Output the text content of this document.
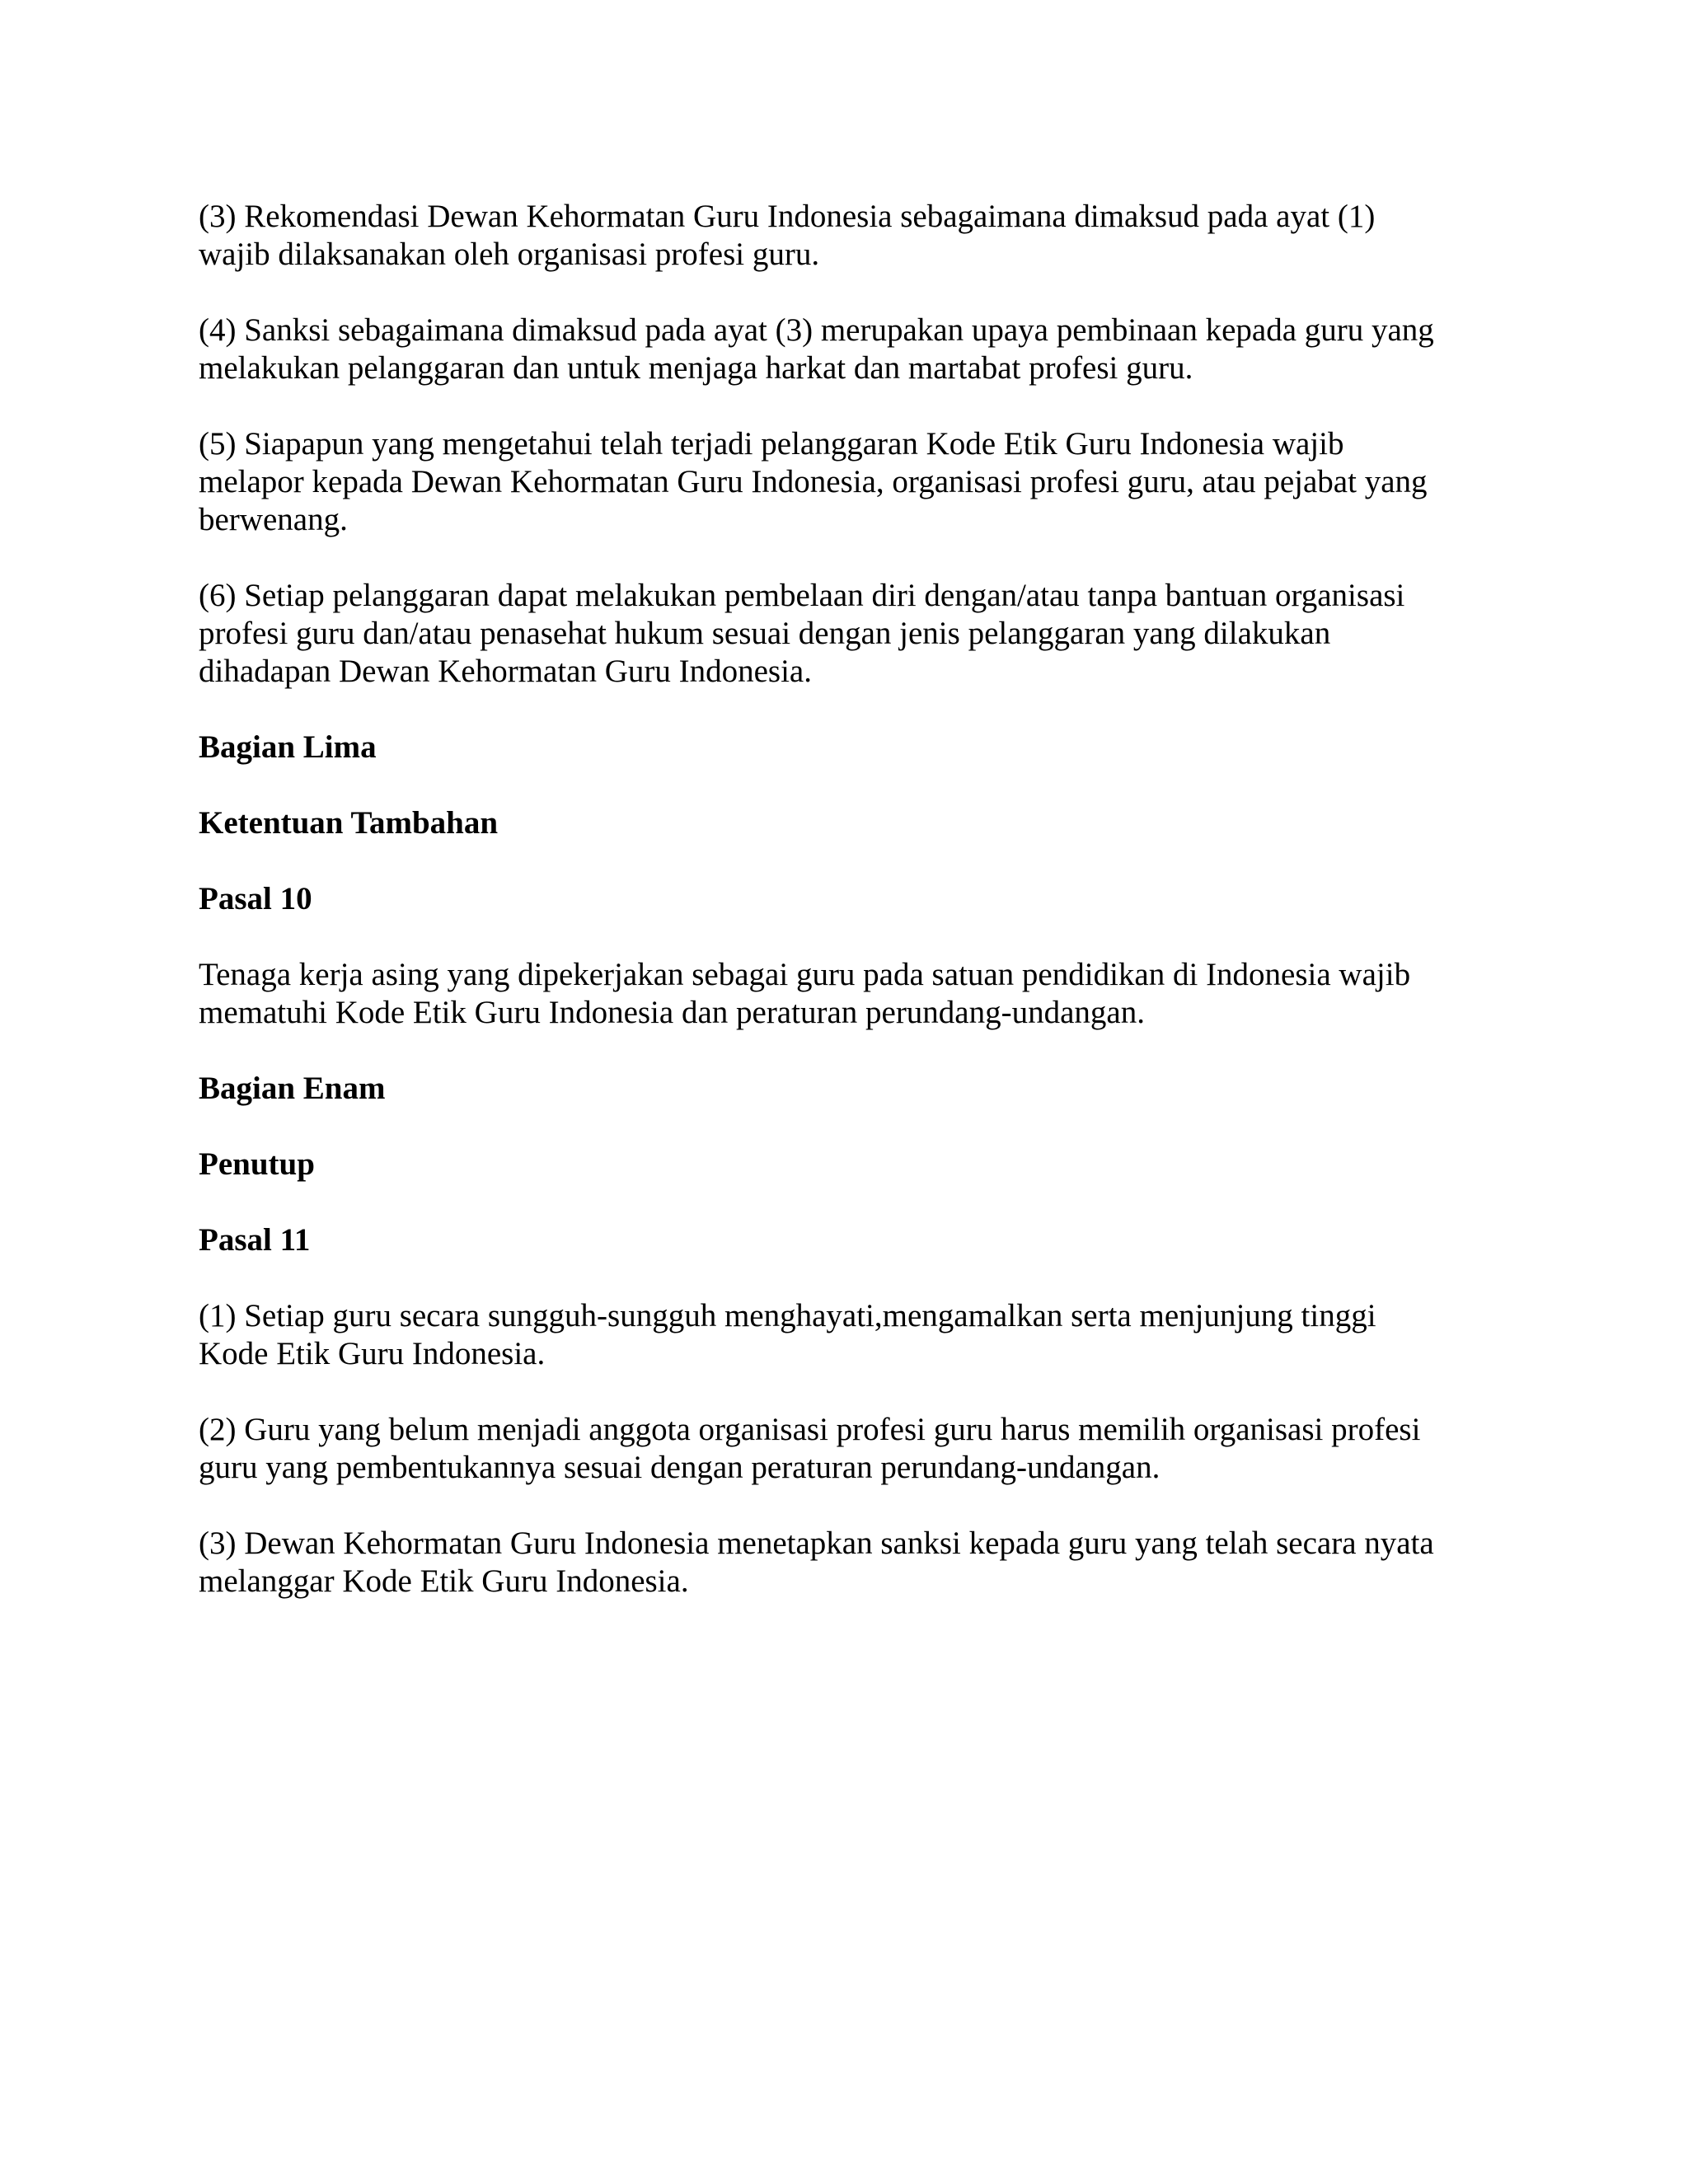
(3) Rekomendasi Dewan Kehormatan Guru Indonesia sebagaimana dimaksud pada ayat (1)
wajib dilaksanakan oleh organisasi profesi guru.

(4) Sanksi sebagaimana dimaksud pada ayat (3) merupakan upaya pembinaan kepada guru yang
melakukan pelanggaran dan untuk menjaga harkat dan martabat profesi guru.

(5) Siapapun yang mengetahui telah terjadi pelanggaran Kode Etik Guru Indonesia wajib
melapor kepada Dewan Kehormatan Guru Indonesia, organisasi profesi guru, atau pejabat yang
berwenang.

(6) Setiap pelanggaran dapat melakukan pembelaan diri dengan/atau tanpa bantuan organisasi
profesi guru dan/atau penasehat hukum sesuai dengan jenis pelanggaran yang dilakukan
dihadapan Dewan Kehormatan Guru Indonesia.

Bagian Lima

Ketentuan Tambahan

Pasal 10

Tenaga kerja asing yang dipekerjakan sebagai guru pada satuan pendidikan di Indonesia wajib
mematuhi Kode Etik Guru Indonesia dan peraturan perundang-undangan.

Bagian Enam

Penutup

Pasal 11

(1) Setiap guru secara sungguh-sungguh menghayati,mengamalkan serta menjunjung tinggi
Kode Etik Guru Indonesia.

(2) Guru yang belum menjadi anggota organisasi profesi guru harus memilih organisasi profesi
guru yang pembentukannya sesuai dengan peraturan perundang-undangan.

(3) Dewan Kehormatan Guru Indonesia menetapkan sanksi kepada guru yang telah secara nyata
melanggar Kode Etik Guru Indonesia.
